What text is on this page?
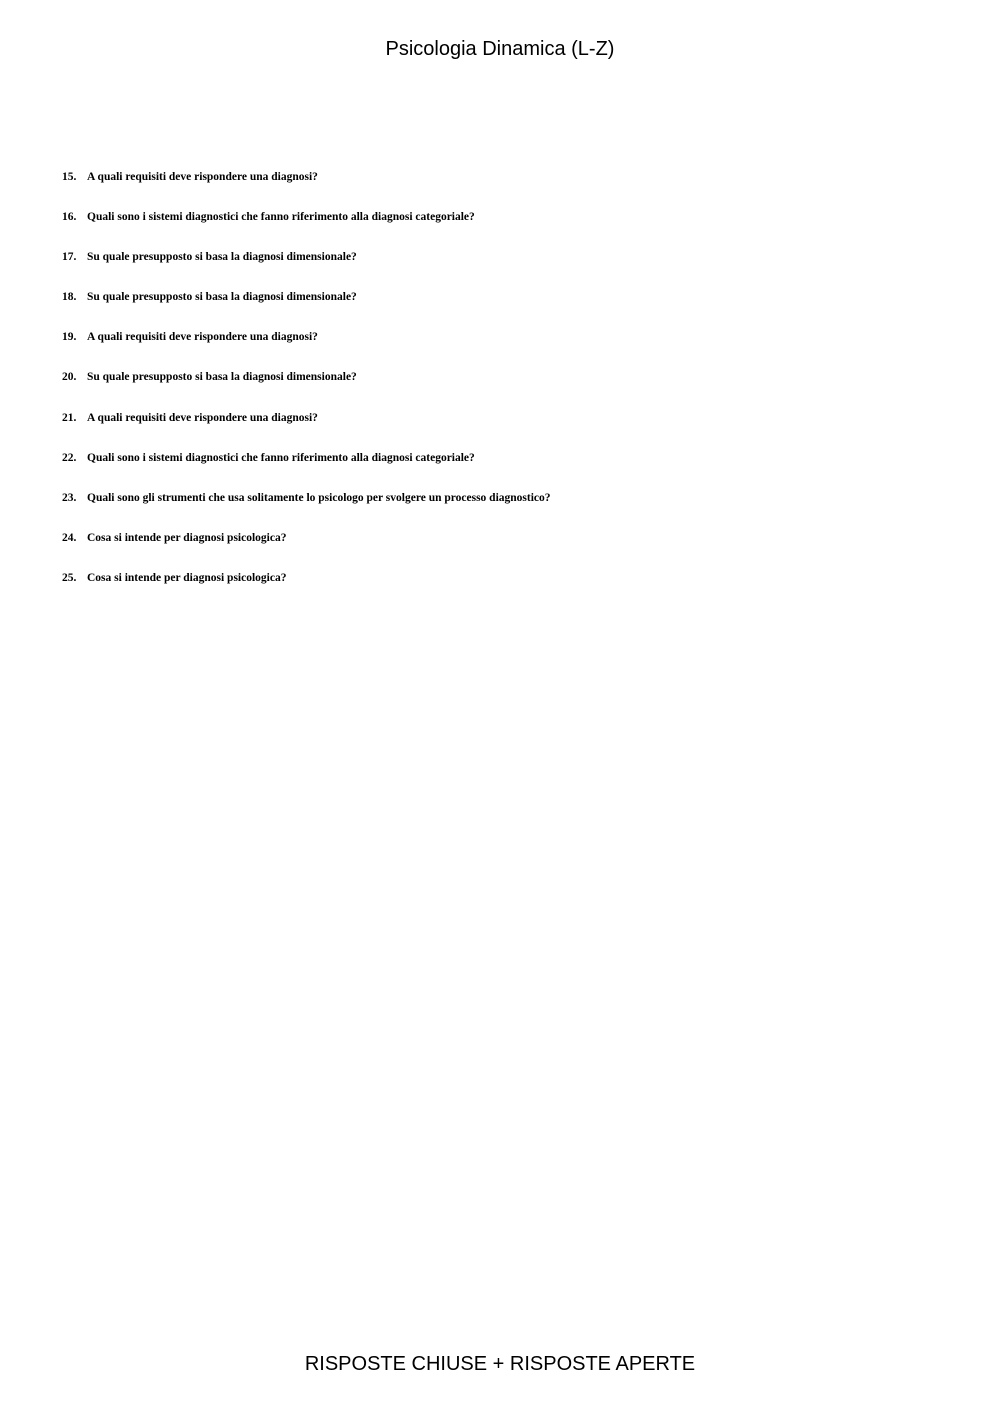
Psicologia Dinamica (L-Z)
15. A quali requisiti deve rispondere una diagnosi?
16. Quali sono i sistemi diagnostici che fanno riferimento alla diagnosi categoriale?
17. Su quale presupposto si basa la diagnosi dimensionale?
18. Su quale presupposto si basa la diagnosi dimensionale?
19. A quali requisiti deve rispondere una diagnosi?
20. Su quale presupposto si basa la diagnosi dimensionale?
21. A quali requisiti deve rispondere una diagnosi?
22. Quali sono i sistemi diagnostici che fanno riferimento alla diagnosi categoriale?
23. Quali sono gli strumenti che usa solitamente lo psicologo per svolgere un processo diagnostico?
24. Cosa si intende per diagnosi psicologica?
25. Cosa si intende per diagnosi psicologica?
RISPOSTE CHIUSE + RISPOSTE APERTE
